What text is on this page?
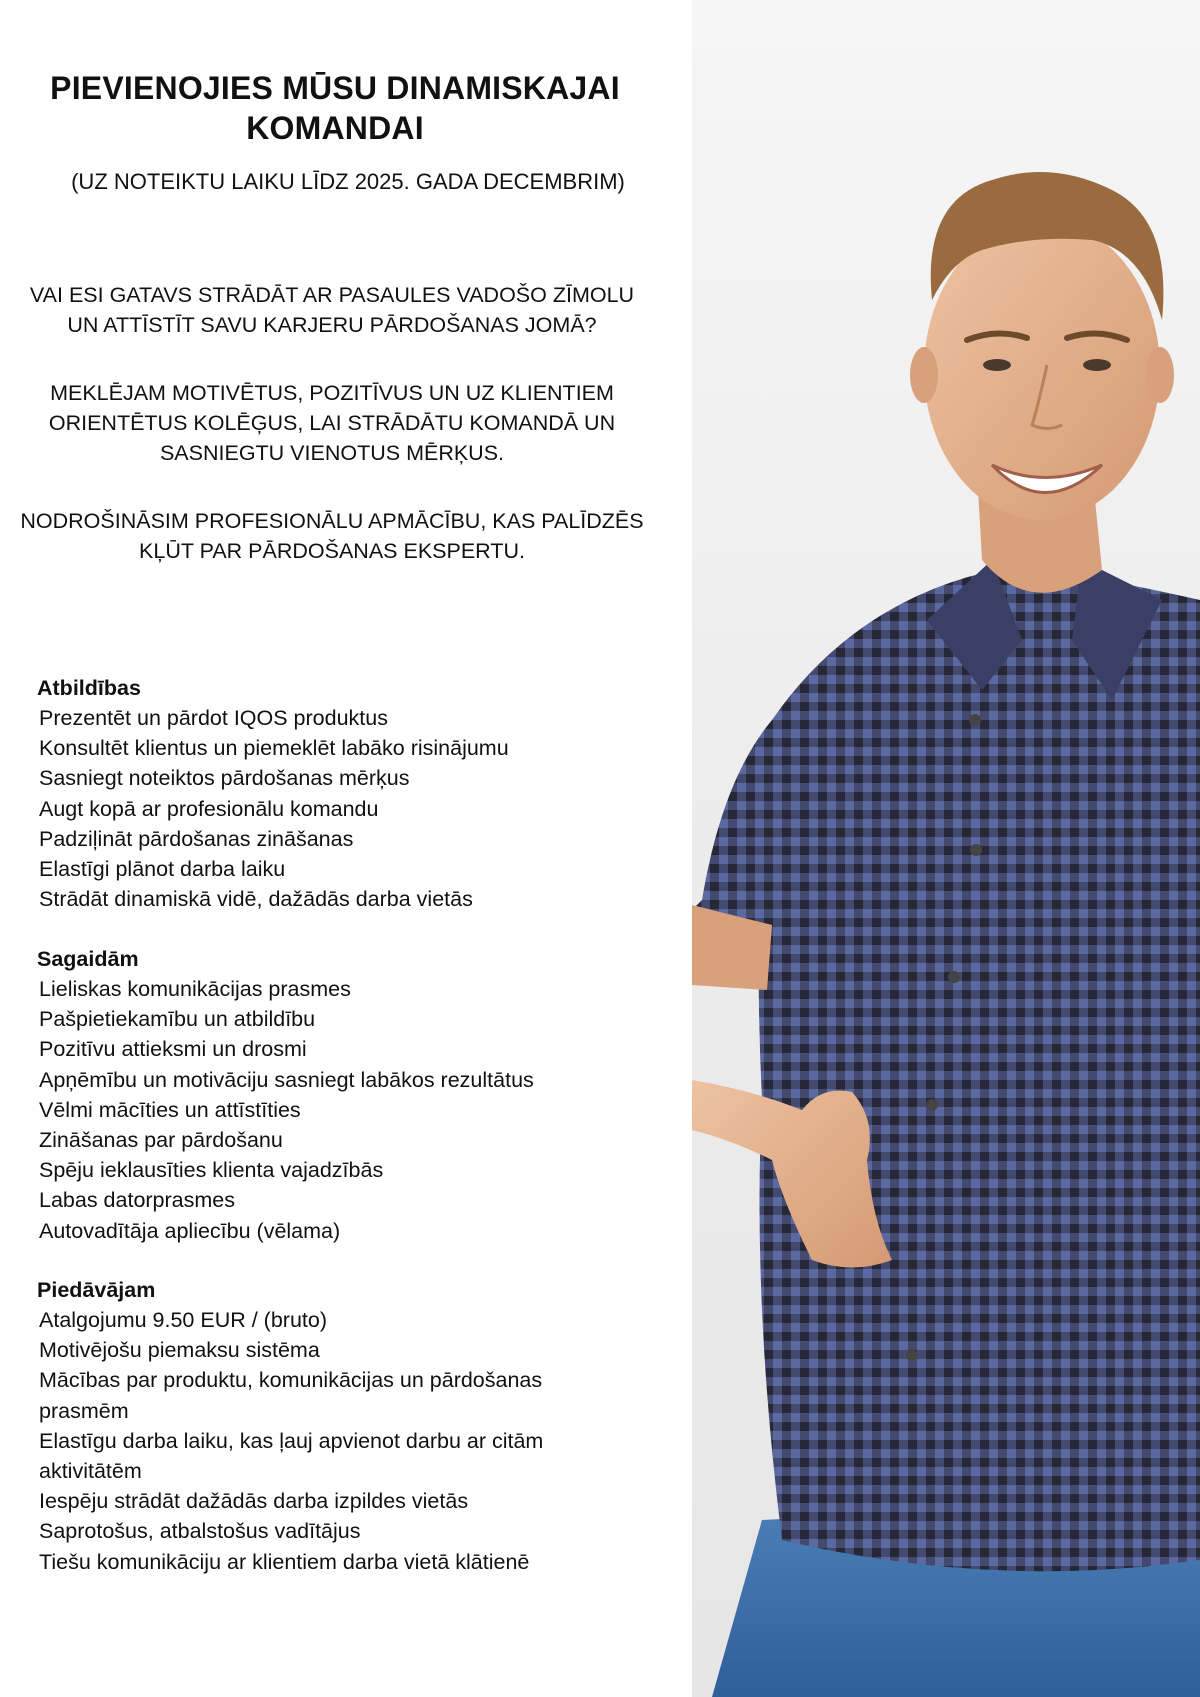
PIEVIENOJIES MŪSU DINAMISKAJAI
KOMANDAI
(UZ NOTEIKTU LAIKU LĪDZ 2025. GADA DECEMBRIM)
VAI ESI GATAVS STRĀDĀT AR PASAULES VADOŠO ZĪMOLU
UN ATTĪSTĪT SAVU KARJERU PĀRDOŠANAS JOMĀ?
MEKLĒJAM MOTIVĒTUS, POZITĪVUS UN UZ KLIENTIEM
ORIENTĒTUS KOLĒĢUS, LAI STRĀDĀTU KOMANDĀ UN
SASNIEGTU VIENOTUS MĒRĶUS.
NODROŠINĀSIM PROFESIONĀLU APMĀCĪBU, KAS PALĪDZĒS
KĻŪT PAR PĀRDOŠANAS EKSPERTU.
Atbildības
Prezentēt un pārdot IQOS produktus
Konsultēt klientus un piemeklēt labāko risinājumu
Sasniegt noteiktos pārdošanas mērķus
Augt kopā ar profesionālu komandu
Padziļināt pārdošanas zināšanas
Elastīgi plānot darba laiku
Strādāt dinamiskā vidē, dažādās darba vietās
Sagaidām
Lieliskas komunikācijas prasmes
Pašpietiekamību un atbildību
Pozitīvu attieksmi un drosmi
Apņēmību un motivāciju sasniegt labākos rezultātus
Vēlmi mācīties un attīstīties
Zināšanas par pārdošanu
Spēju ieklausīties klienta vajadzībās
Labas datorprasmes
Autovadītāja apliecību (vēlama)
Piedāvājam
Atalgojumu 9.50 EUR / (bruto)
Motivējošu piemaksu sistēma
Mācības par produktu, komunikācijas un pārdošanas
prasmēm
Elastīgu darba laiku, kas ļauj apvienot darbu ar citām
aktivitātēm
Iespēju strādāt dažādās darba izpildes vietās
Saprotošus, atbalstošus vadītājus
Tiešu komunikāciju ar klientiem darba vietā klātienē
